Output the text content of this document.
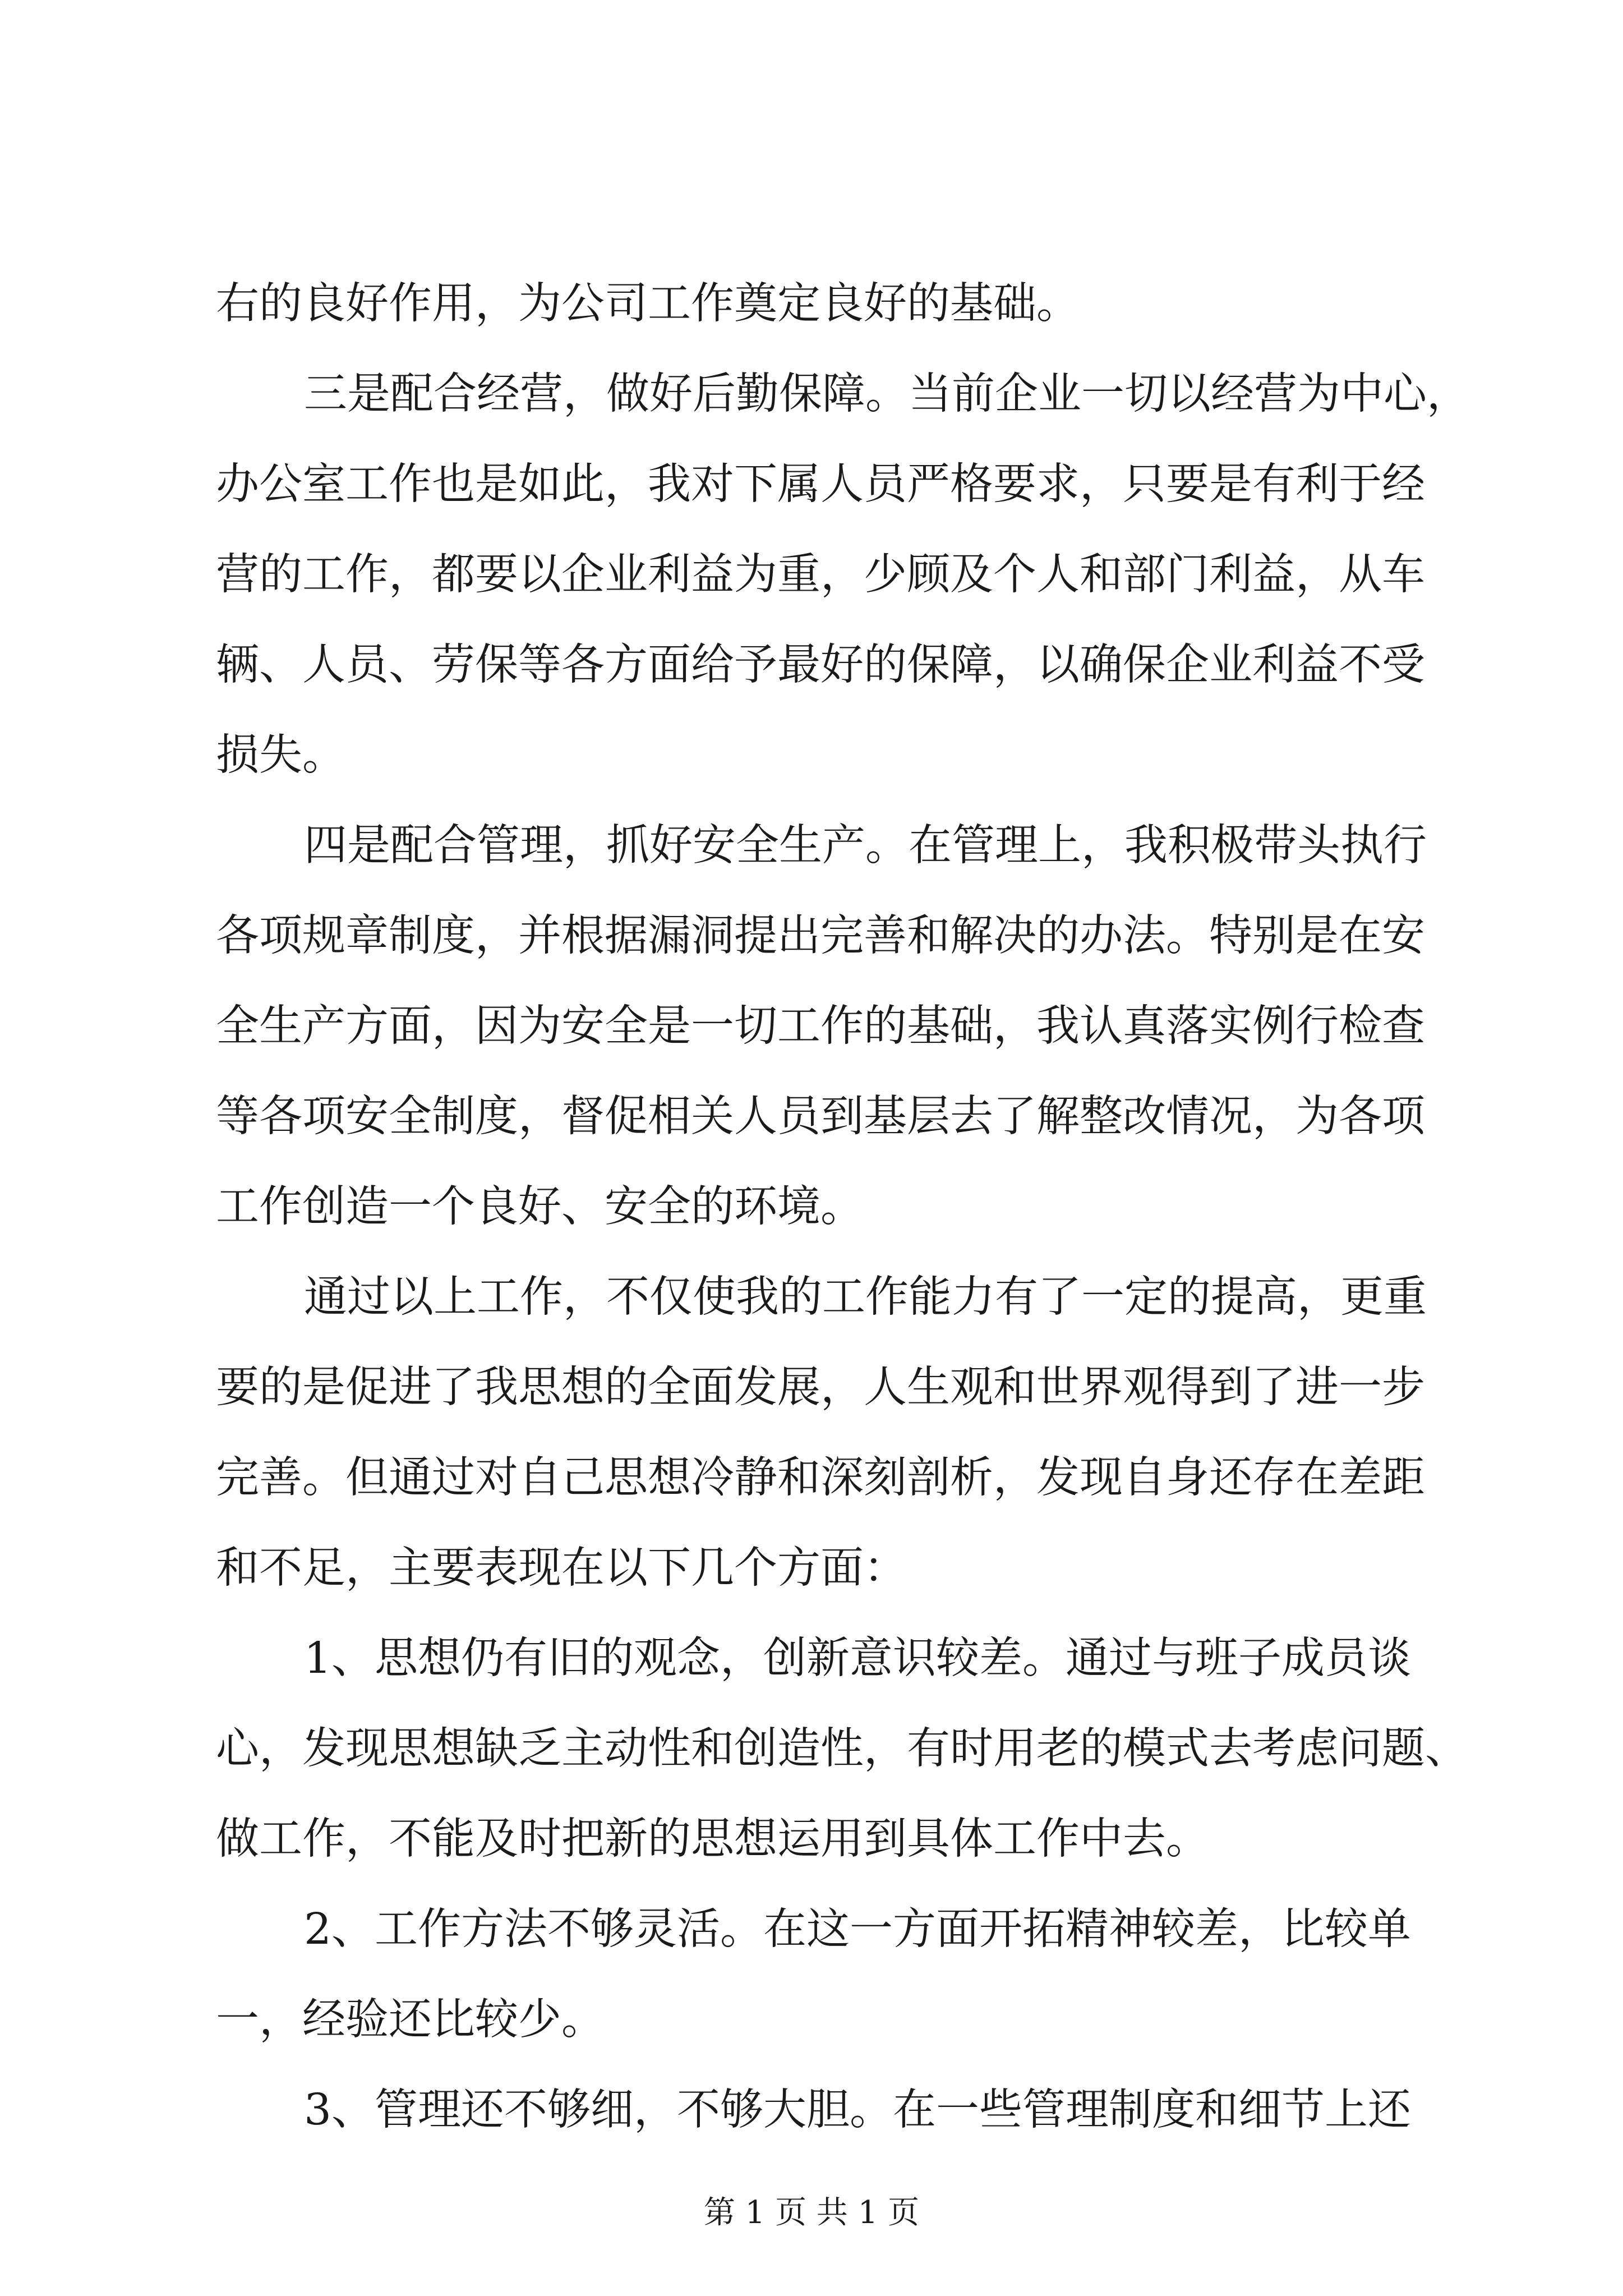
右的良好作用，为公司工作奠定良好的基础。
三 是 配 合 经 营 ， 做 好 后 勤 保 障 。 当 前 企 业 一 切 以 经 营 为 中 心 ，
办 公 室 工 作 也 是 如 此 ， 我 对 下 属 人 员 严 格 要 求 ， 只 要 是 有 利 于 经
营 的 工 作 ， 都 要 以 企 业 利 益 为 重 ， 少 顾 及 个 人 和 部 门 利 益 ， 从 车
辆 、 人 员 、 劳 保 等 各 方 面 给 予 最 好 的 保 障 ， 以 确 保 企 业 利 益 不 受
损失。
四 是 配 合 管 理 ， 抓 好 安 全 生 产 。 在 管 理 上 ， 我 积 极 带 头 执 行
各 项 规 章 制 度 ， 并 根 据 漏 洞 提 出 完 善 和 解 决 的 办 法 。 特 别 是 在 安
全 生 产 方 面 ， 因 为 安 全 是 一 切 工 作 的 基 础 ， 我 认 真 落 实 例 行 检 查
等 各 项 安 全 制 度 ， 督 促 相 关 人 员 到 基 层 去 了 解 整 改 情 况 ， 为 各 项
工作创造一个良好、安全的环境。
通 过 以 上 工 作 ， 不 仅 使 我 的 工 作 能 力 有 了 一 定 的 提 高 ， 更 重
要 的 是 促 进 了 我 思 想 的 全 面 发 展 ， 人 生 观 和 世 界 观 得 到 了 进 一 步
完 善 。 但 通 过 对 自 己 思 想 冷 静 和 深 刻 剖 析 ， 发 现 自 身 还 存 在 差 距
和不足，主要表现在以下几个方面：
1 、 思 想 仍 有 旧 的 观 念 ， 创 新 意 识 较 差 。 通 过 与 班 子 成 员 谈
心 ， 发 现 思 想 缺 乏 主 动 性 和 创 造 性 ， 有 时 用 老 的 模 式 去 考 虑 问 题 、
做工作，不能及时把新的思想运用到具体工作中去。
2 、 工 作 方 法 不 够 灵 活 。 在 这 一 方 面 开 拓 精 神 较 差 ， 比 较 单
一，经验还比较少。
3 、 管 理 还 不 够 细 ， 不 够 大 胆 。 在 一 些 管 理 制 度 和 细 节 上 还
第 1 页 共 1 页
